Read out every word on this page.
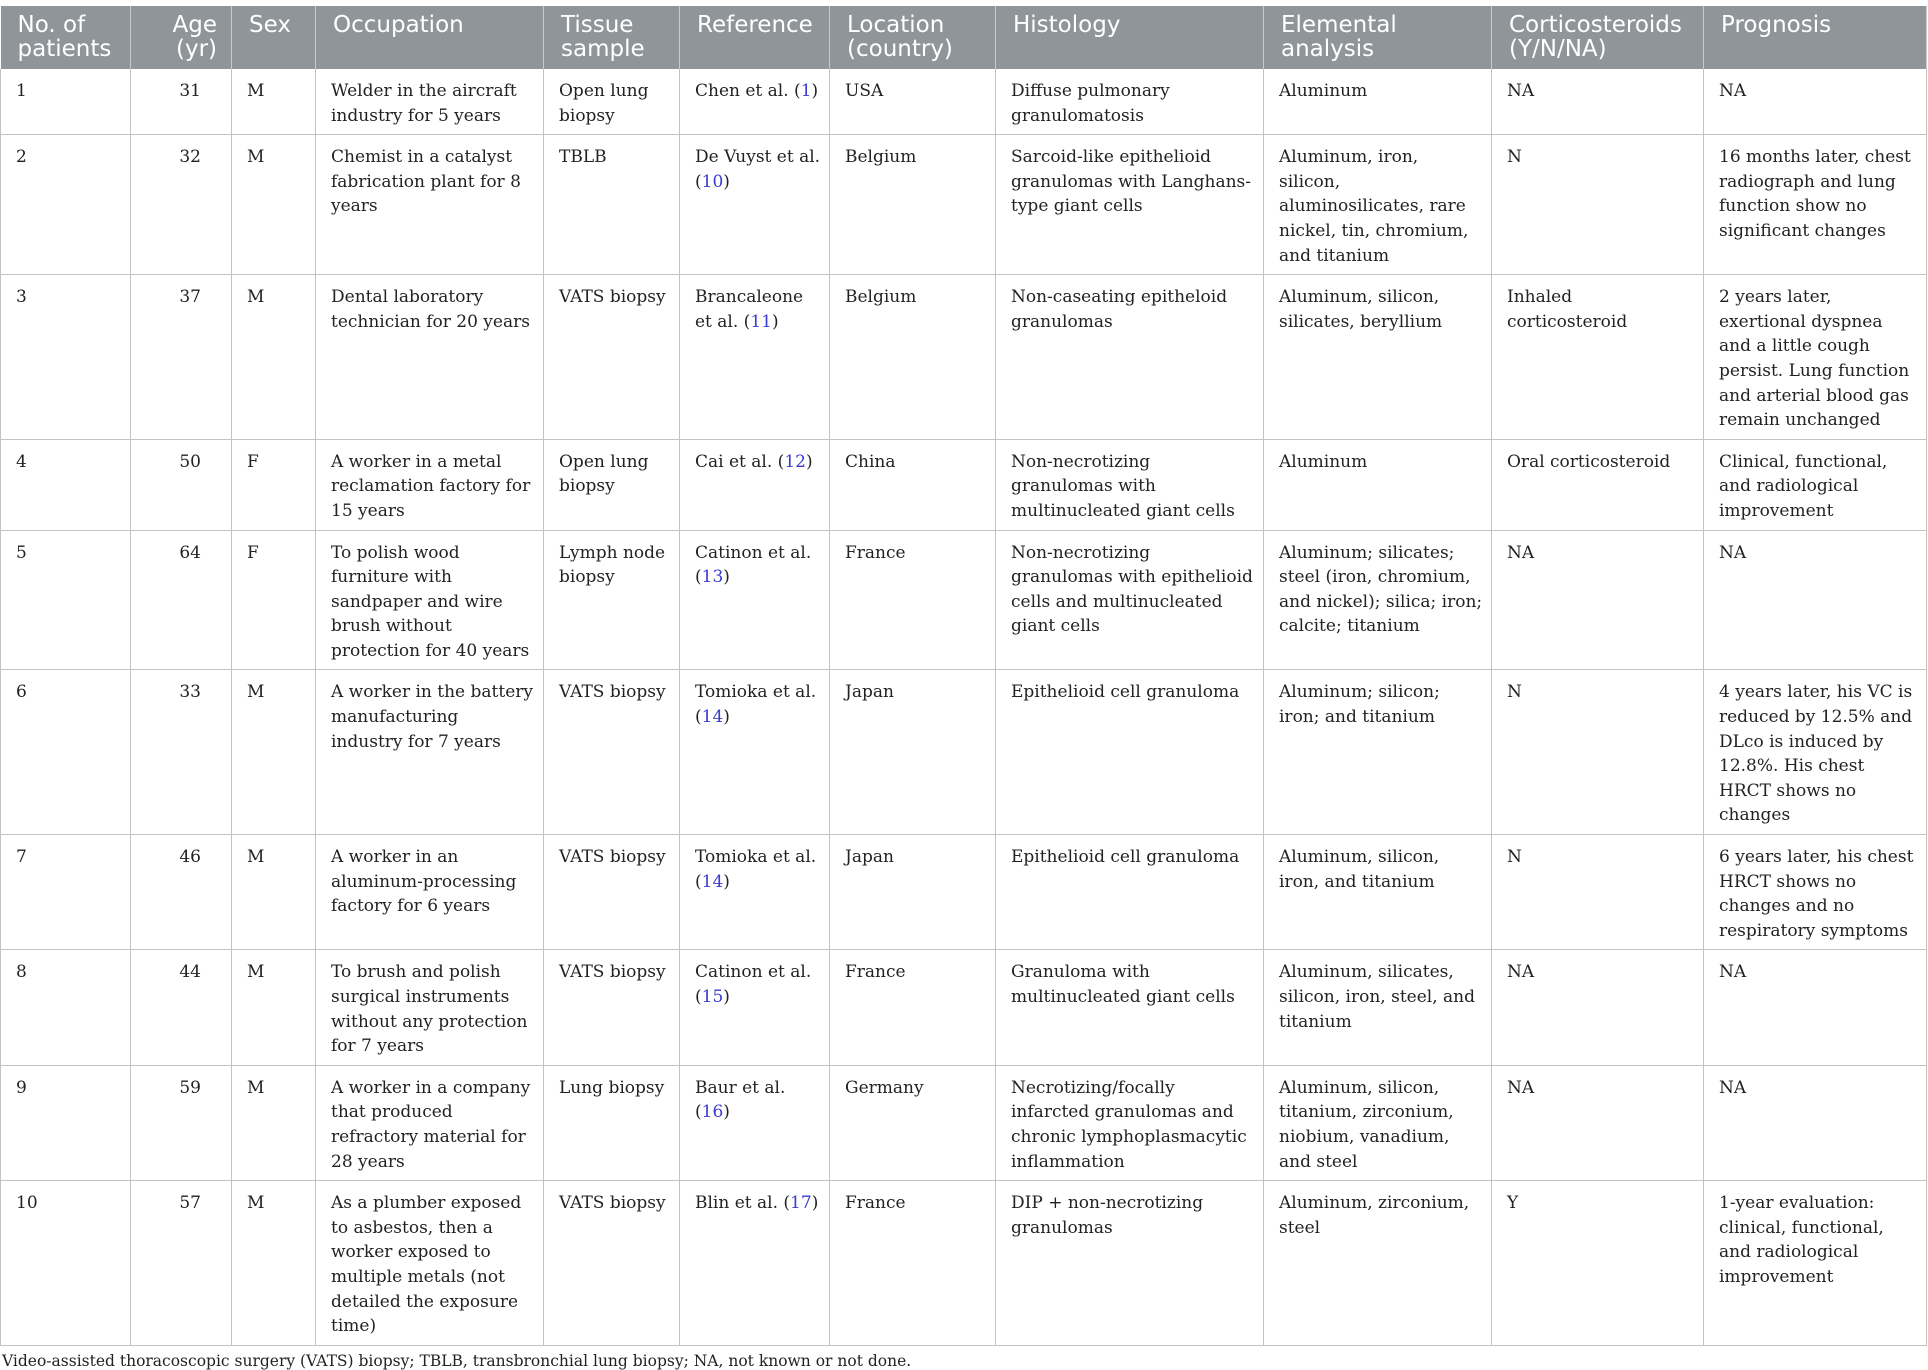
No. of patients	Age (yr)	Sex	Occupation	Tissue sample	Reference	Location (country)	Histology	Elemental analysis	Corticosteroids (Y/N/NA)	Prognosis
1	31	M	Welder in the aircraft industry for 5 years	Open lung biopsy	Chen et al. (1)	USA	Diffuse pulmonary granulomatosis	Aluminum	NA	NA
2	32	M	Chemist in a catalyst fabrication plant for 8 years	TBLB	De Vuyst et al. (10)	Belgium	Sarcoid-like epithelioid granulomas with Langhans-type giant cells	Aluminum, iron, silicon, aluminosilicates, rare nickel, tin, chromium, and titanium	N	16 months later, chest radiograph and lung function show no significant changes
3	37	M	Dental laboratory technician for 20 years	VATS biopsy	Brancaleone et al. (11)	Belgium	Non-caseating epitheloid granulomas	Aluminum, silicon, silicates, beryllium	Inhaled corticosteroid	2 years later, exertional dyspnea and a little cough persist. Lung function and arterial blood gas remain unchanged
4	50	F	A worker in a metal reclamation factory for 15 years	Open lung biopsy	Cai et al. (12)	China	Non-necrotizing granulomas with multinucleated giant cells	Aluminum	Oral corticosteroid	Clinical, functional, and radiological improvement
5	64	F	To polish wood furniture with sandpaper and wire brush without protection for 40 years	Lymph node biopsy	Catinon et al. (13)	France	Non-necrotizing granulomas with epithelioid cells and multinucleated giant cells	Aluminum; silicates; steel (iron, chromium, and nickel); silica; iron; calcite; titanium	NA	NA
6	33	M	A worker in the battery manufacturing industry for 7 years	VATS biopsy	Tomioka et al. (14)	Japan	Epithelioid cell granuloma	Aluminum; silicon; iron; and titanium	N	4 years later, his VC is reduced by 12.5% and DLco is induced by 12.8%. His chest HRCT shows no changes
7	46	M	A worker in an aluminum-processing factory for 6 years	VATS biopsy	Tomioka et al. (14)	Japan	Epithelioid cell granuloma	Aluminum, silicon, iron, and titanium	N	6 years later, his chest HRCT shows no changes and no respiratory symptoms
8	44	M	To brush and polish surgical instruments without any protection for 7 years	VATS biopsy	Catinon et al. (15)	France	Granuloma with multinucleated giant cells	Aluminum, silicates, silicon, iron, steel, and titanium	NA	NA
9	59	M	A worker in a company that produced refractory material for 28 years	Lung biopsy	Baur et al. (16)	Germany	Necrotizing/focally infarcted granulomas and chronic lymphoplasmacytic inflammation	Aluminum, silicon, titanium, zirconium, niobium, vanadium, and steel	NA	NA
10	57	M	As a plumber exposed to asbestos, then a worker exposed to multiple metals (not detailed the exposure time)	VATS biopsy	Blin et al. (17)	France	DIP + non-necrotizing granulomas	Aluminum, zirconium, steel	Y	1-year evaluation: clinical, functional, and radiological improvement
Video-assisted thoracoscopic surgery (VATS) biopsy; TBLB, transbronchial lung biopsy; NA, not known or not done.
